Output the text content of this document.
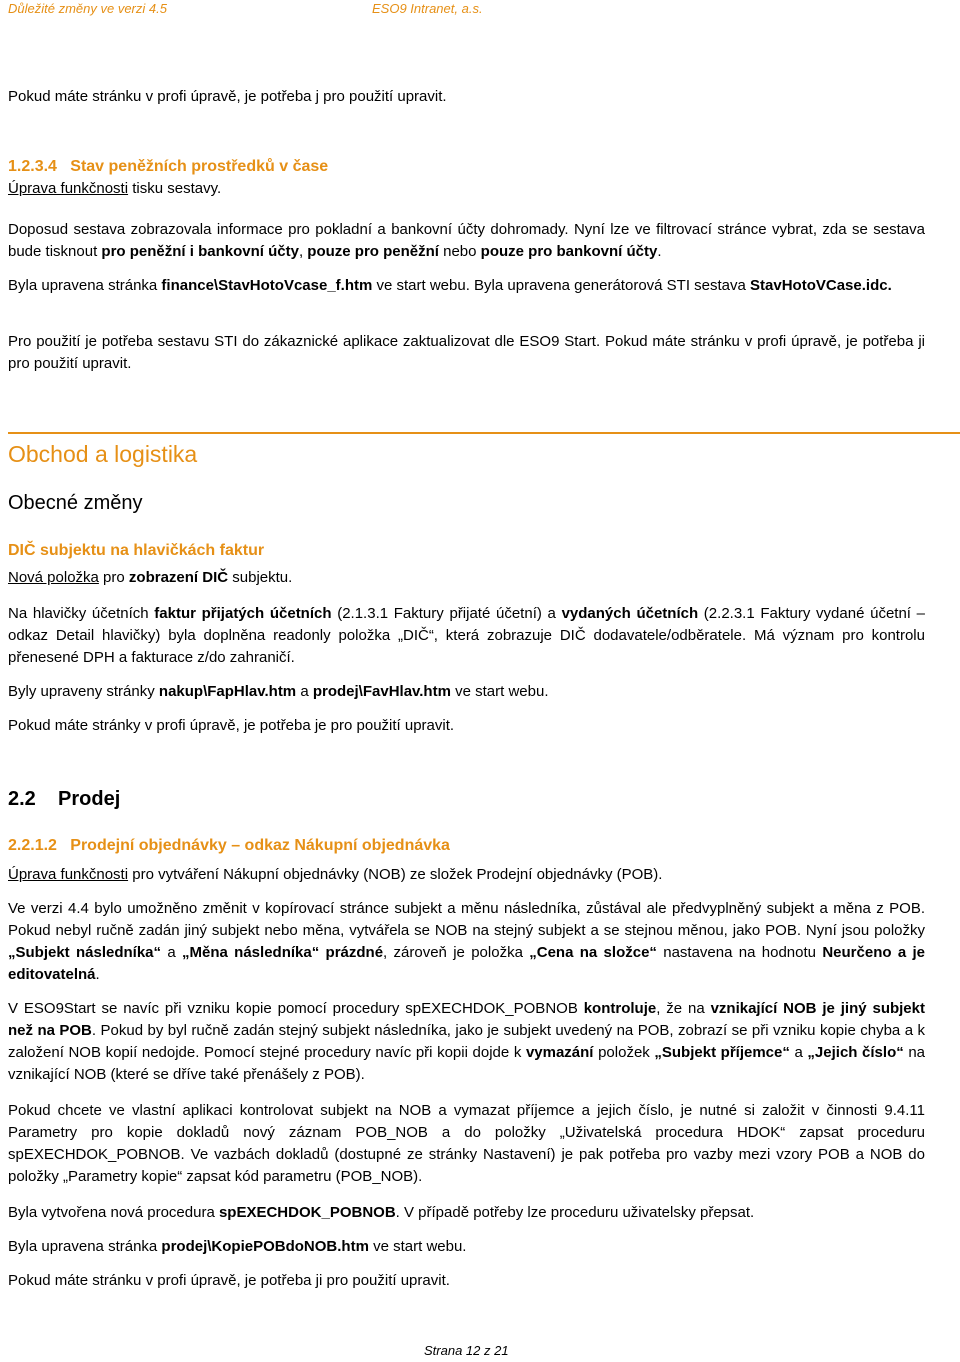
Důležité změny ve verzi 4.5	ESO9 Intranet, a.s.

Pokud máte stránku v profi úpravě, je potřeba j pro použití upravit.

1.2.3.4 Stav peněžních prostředků v čase

Úprava funkčnosti tisku sestavy.

Doposud sestava zobrazovala informace pro pokladní a bankovní účty dohromady. Nyní lze ve filtrovací stránce vybrat, zda se sestava bude tisknout pro peněžní i bankovní účty, pouze pro peněžní nebo pouze pro bankovní účty.

Byla upravena stránka finance\StavHotoVcase_f.htm ve start webu. Byla upravena generátorová STI sestava StavHotoVCase.idc.

Pro použití je potřeba sestavu STI do zákaznické aplikace zaktualizovat dle ESO9 Start. Pokud máte stránku v profi úpravě, je potřeba ji pro použití upravit.

Obchod a logistika

Obecné změny

DIČ subjektu na hlavičkách faktur

Nová položka pro zobrazení DIČ subjektu.

Na hlavičky účetních faktur přijatých účetních (2.1.3.1 Faktury přijaté účetní) a vydaných účetních (2.2.3.1 Faktury vydané účetní – odkaz Detail hlavičky) byla doplněna readonly položka „DIČ“, která zobrazuje DIČ dodavatele/odběratele. Má význam pro kontrolu přenesené DPH a fakturace z/do zahraničí.

Byly upraveny stránky nakup\FapHlav.htm a prodej\FavHlav.htm ve start webu.

Pokud máte stránky v profi úpravě, je potřeba je pro použití upravit.

2.2 Prodej

2.2.1.2 Prodejní objednávky – odkaz Nákupní objednávka

Úprava funkčnosti pro vytváření Nákupní objednávky (NOB) ze složek Prodejní objednávky (POB).

Ve verzi 4.4 bylo umožněno změnit v kopírovací stránce subjekt a měnu následníka, zůstával ale předvyplněný subjekt a měna z POB. Pokud nebyl ručně zadán jiný subjekt nebo měna, vytvářela se NOB na stejný subjekt a se stejnou měnou, jako POB. Nyní jsou položky „Subjekt následníka“ a „Měna následníka“ prázdné, zároveň je položka „Cena na složce“ nastavena na hodnotu Neurčeno a je editovatelná.

V ESO9Start se navíc při vzniku kopie pomocí procedury spEXECHDOK_POBNOB kontroluje, že na vznikající NOB je jiný subjekt než na POB. Pokud by byl ručně zadán stejný subjekt následníka, jako je subjekt uvedený na POB, zobrazí se při vzniku kopie chyba a k založení NOB kopií nedojde. Pomocí stejné procedury navíc při kopii dojde k vymazání položek „Subjekt příjemce“ a „Jejich číslo“ na vznikající NOB (které se dříve také přenášely z POB).

Pokud chcete ve vlastní aplikaci kontrolovat subjekt na NOB a vymazat příjemce a jejich číslo, je nutné si založit v činnosti 9.4.11 Parametry pro kopie dokladů nový záznam POB_NOB a do položky „Uživatelská procedura HDOK“ zapsat proceduru spEXECHDOK_POBNOB. Ve vazbách dokladů (dostupné ze stránky Nastavení) je pak potřeba pro vazby mezi vzory POB a NOB do položky „Parametry kopie“ zapsat kód parametru (POB_NOB).

Byla vytvořena nová procedura spEXECHDOK_POBNOB. V případě potřeby lze proceduru uživatelsky přepsat.

Byla upravena stránka prodej\KopiePOBdoNOB.htm ve start webu.

Pokud máte stránku v profi úpravě, je potřeba ji pro použití upravit.

Strana 12 z 21
